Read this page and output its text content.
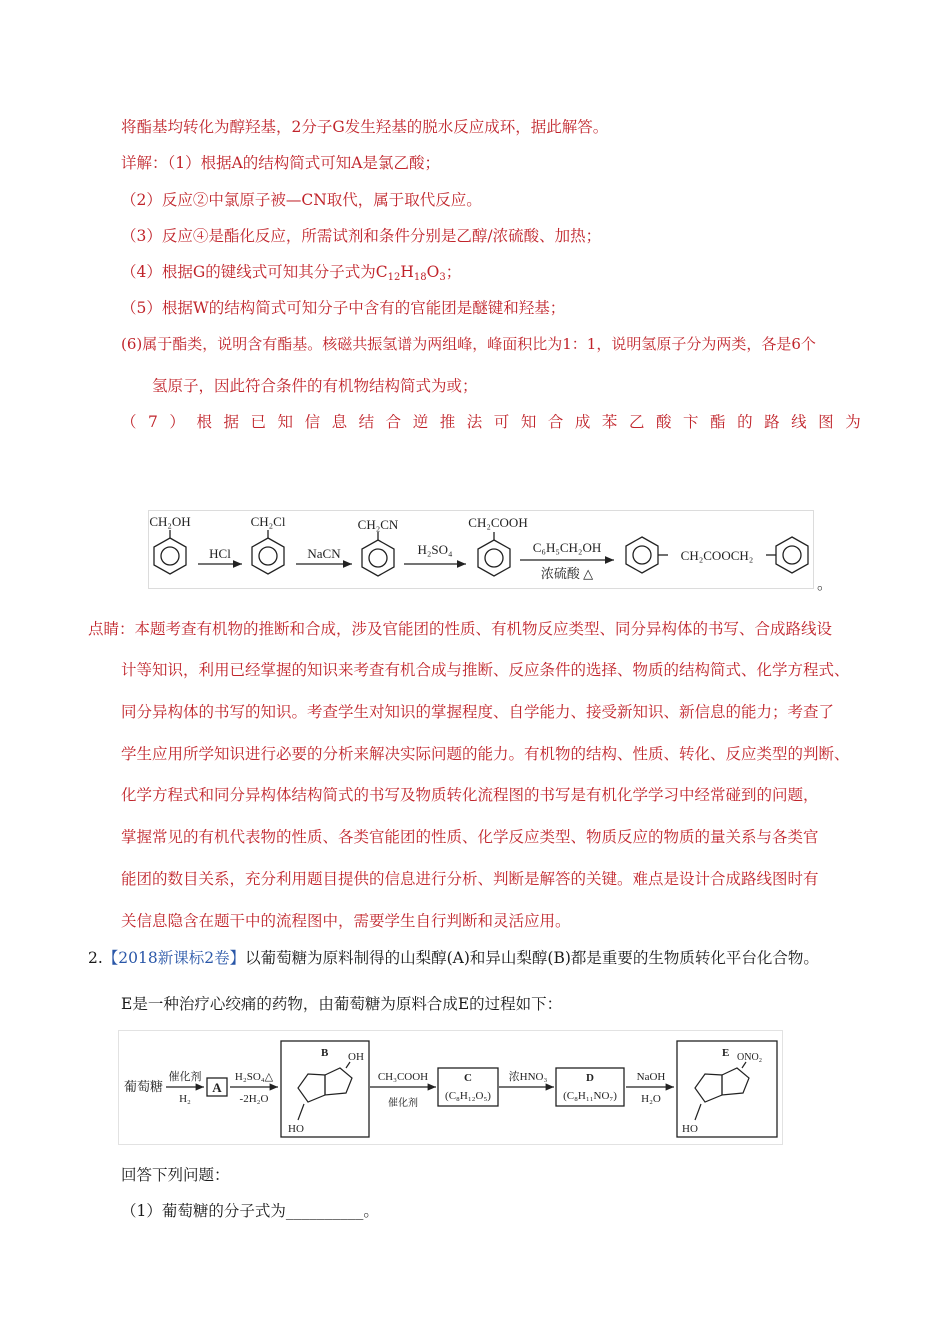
将酯基均转化为醇羟基，2分子G发生羟基的脱水反应成环，据此解答。
详解：（1）根据A的结构简式可知A是氯乙酸；
（2）反应②中氯原子被—CN取代，属于取代反应。
（3）反应④是酯化反应，所需试剂和条件分别是乙醇/浓硫酸、加热；
（4）根据G的键线式可知其分子式为$C_{12}H_{18}O_3$；
（5）根据W的结构简式可知分子中含有的官能团是醚键和羟基；
(6)属于酯类，说明含有酯基。核磁共振氢谱为两组峰，峰面积比为1：1，说明氢原子分为两类，各是6个
氢原子，因此符合条件的有机物结构简式为或；
（ 7 ） 根 据 已 知 信 息 结 合 逆 推 法 可 知 合 成 苯 乙 酸 卞 酯 的 路 线 图 为
CH₂OH	CH₂Cl	CH₂CN	CH₂COOH
HCl	NaCN	H₂SO₄	C₆H₅CH₂OH
浓硫酸 △
CH₂COOCH₂
。
点睛：本题考查有机物的推断和合成，涉及官能团的性质、有机物反应类型、同分异构体的书写、合成路线设
计等知识，利用已经掌握的知识来考查有机合成与推断、反应条件的选择、物质的结构简式、化学方程式、
同分异构体的书写的知识。考查学生对知识的掌握程度、自学能力、接受新知识、新信息的能力；考查了
学生应用所学知识进行必要的分析来解决实际问题的能力。有机物的结构、性质、转化、反应类型的判断、
化学方程式和同分异构体结构简式的书写及物质转化流程图的书写是有机化学学习中经常碰到的问题，
掌握常见的有机代表物的性质、各类官能团的性质、化学反应类型、物质反应的物质的量关系与各类官
能团的数目关系，充分利用题目提供的信息进行分析、判断是解答的关键。难点是设计合成路线图时有
关信息隐含在题干中的流程图中，需要学生自行判断和灵活应用。
2.【2018新课标2卷】以葡萄糖为原料制得的山梨醇(A)和异山梨醇(B)都是重要的生物质转化平台化合物。
E是一种治疗心绞痛的药物，由葡萄糖为原料合成E的过程如下：
葡萄糖
催化剂
H₂
A
H₂SO₄△
-2H₂O
B OH
HO
CH₃COOH
催化剂
C
(C₈H₁₂O₅)
浓HNO₃	D
(C₈H₁₁NO₇)
NaOH
H₂O
E ONO₂
HO
回答下列问题：
（1）葡萄糖的分子式为__________。
